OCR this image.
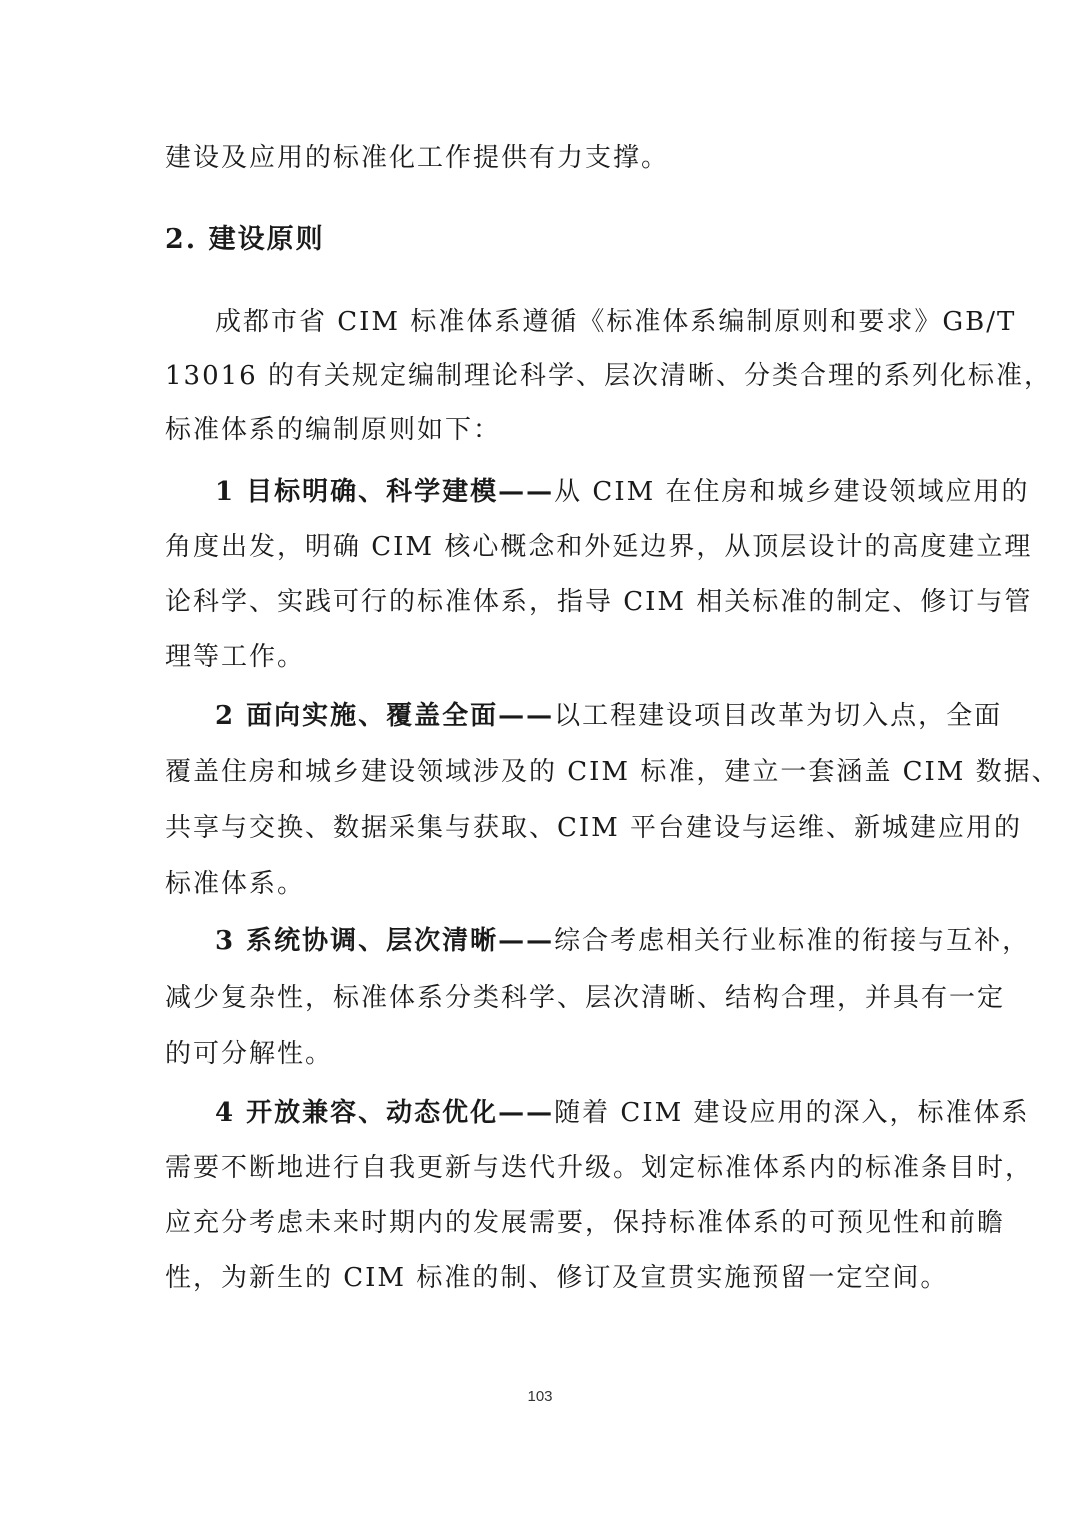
建设及应用的标准化工作提供有力支撑。
2. 建设原则
成都市省 CIM 标准体系遵循《标准体系编制原则和要求》GB/T
13016 的有关规定编制理论科学、层次清晰、分类合理的系列化标准，
标准体系的编制原则如下：
1 目标明确、科学建模——从 CIM 在住房和城乡建设领域应用的
角度出发，明确 CIM 核心概念和外延边界，从顶层设计的高度建立理
论科学、实践可行的标准体系，指导 CIM 相关标准的制定、修订与管
理等工作。
2 面向实施、覆盖全面——以工程建设项目改革为切入点，全面
覆盖住房和城乡建设领域涉及的 CIM 标准，建立一套涵盖 CIM 数据、
共享与交换、数据采集与获取、CIM 平台建设与运维、新城建应用的
标准体系。
3 系统协调、层次清晰——综合考虑相关行业标准的衔接与互补，
减少复杂性，标准体系分类科学、层次清晰、结构合理，并具有一定
的可分解性。
4 开放兼容、动态优化——随着 CIM 建设应用的深入，标准体系
需要不断地进行自我更新与迭代升级。划定标准体系内的标准条目时，
应充分考虑未来时期内的发展需要，保持标准体系的可预见性和前瞻
性，为新生的 CIM 标准的制、修订及宣贯实施预留一定空间。
103
